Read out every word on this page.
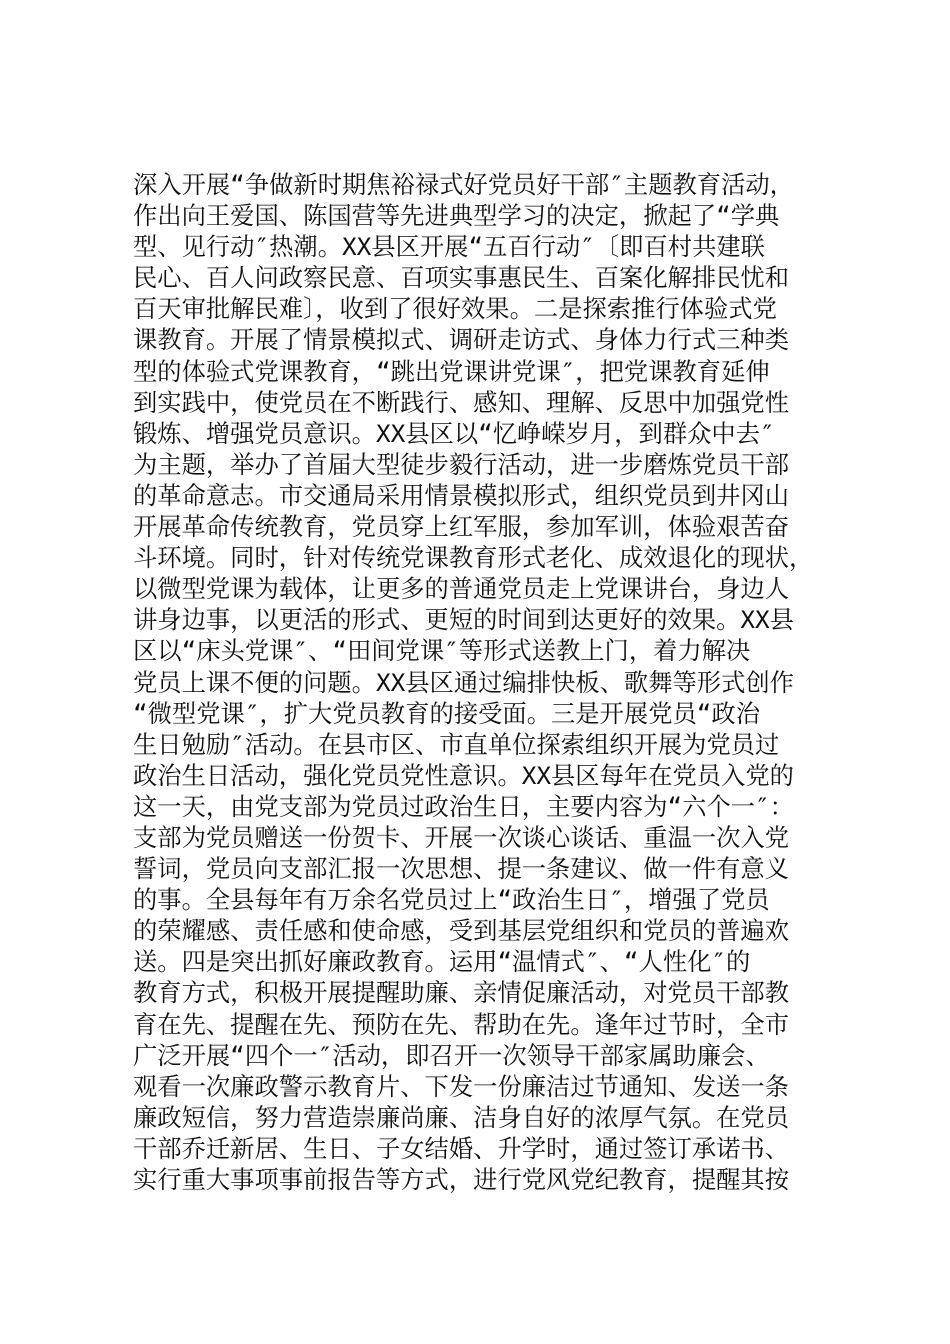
深入开展“争做新时期焦裕禄式好党员好干部″主题教育活动，
作出向王爱国、陈国营等先进典型学习的决定，掀起了“学典
型、见行动″热潮。XX县区开展“五百行动″〔即百村共建联
民心、百人问政察民意、百项实事惠民生、百案化解排民忧和
百天审批解民难〕，收到了很好效果。二是探索推行体验式党
课教育。开展了情景模拟式、调研走访式、身体力行式三种类
型的体验式党课教育，“跳出党课讲党课″，把党课教育延伸
到实践中，使党员在不断践行、感知、理解、反思中加强党性
锻炼、增强党员意识。XX县区以“忆峥嵘岁月，到群众中去″
为主题，举办了首届大型徒步毅行活动，进一步磨炼党员干部
的革命意志。市交通局采用情景模拟形式，组织党员到井冈山
开展革命传统教育，党员穿上红军服，参加军训，体验艰苦奋
斗环境。同时，针对传统党课教育形式老化、成效退化的现状，
以微型党课为载体，让更多的普通党员走上党课讲台，身边人
讲身边事，以更活的形式、更短的时间到达更好的效果。XX县
区以“床头党课″、“田间党课″等形式送教上门，着力解决
党员上课不便的问题。XX县区通过编排快板、歌舞等形式创作
“微型党课″，扩大党员教育的接受面。三是开展党员“政治
生日勉励″活动。在县市区、市直单位探索组织开展为党员过
政治生日活动，强化党员党性意识。XX县区每年在党员入党的
这一天，由党支部为党员过政治生日，主要内容为“六个一″：
支部为党员赠送一份贺卡、开展一次谈心谈话、重温一次入党
誓词，党员向支部汇报一次思想、提一条建议、做一件有意义
的事。全县每年有万余名党员过上“政治生日″，增强了党员
的荣耀感、责任感和使命感，受到基层党组织和党员的普遍欢
送。四是突出抓好廉政教育。运用“温情式″、“人性化″的
教育方式，积极开展提醒助廉、亲情促廉活动，对党员干部教
育在先、提醒在先、预防在先、帮助在先。逢年过节时，全市
广泛开展“四个一″活动，即召开一次领导干部家属助廉会、
观看一次廉政警示教育片、下发一份廉洁过节通知、发送一条
廉政短信，努力营造崇廉尚廉、洁身自好的浓厚气氛。在党员
干部乔迁新居、生日、子女结婚、升学时，通过签订承诺书、
实行重大事项事前报告等方式，进行党风党纪教育，提醒其按
